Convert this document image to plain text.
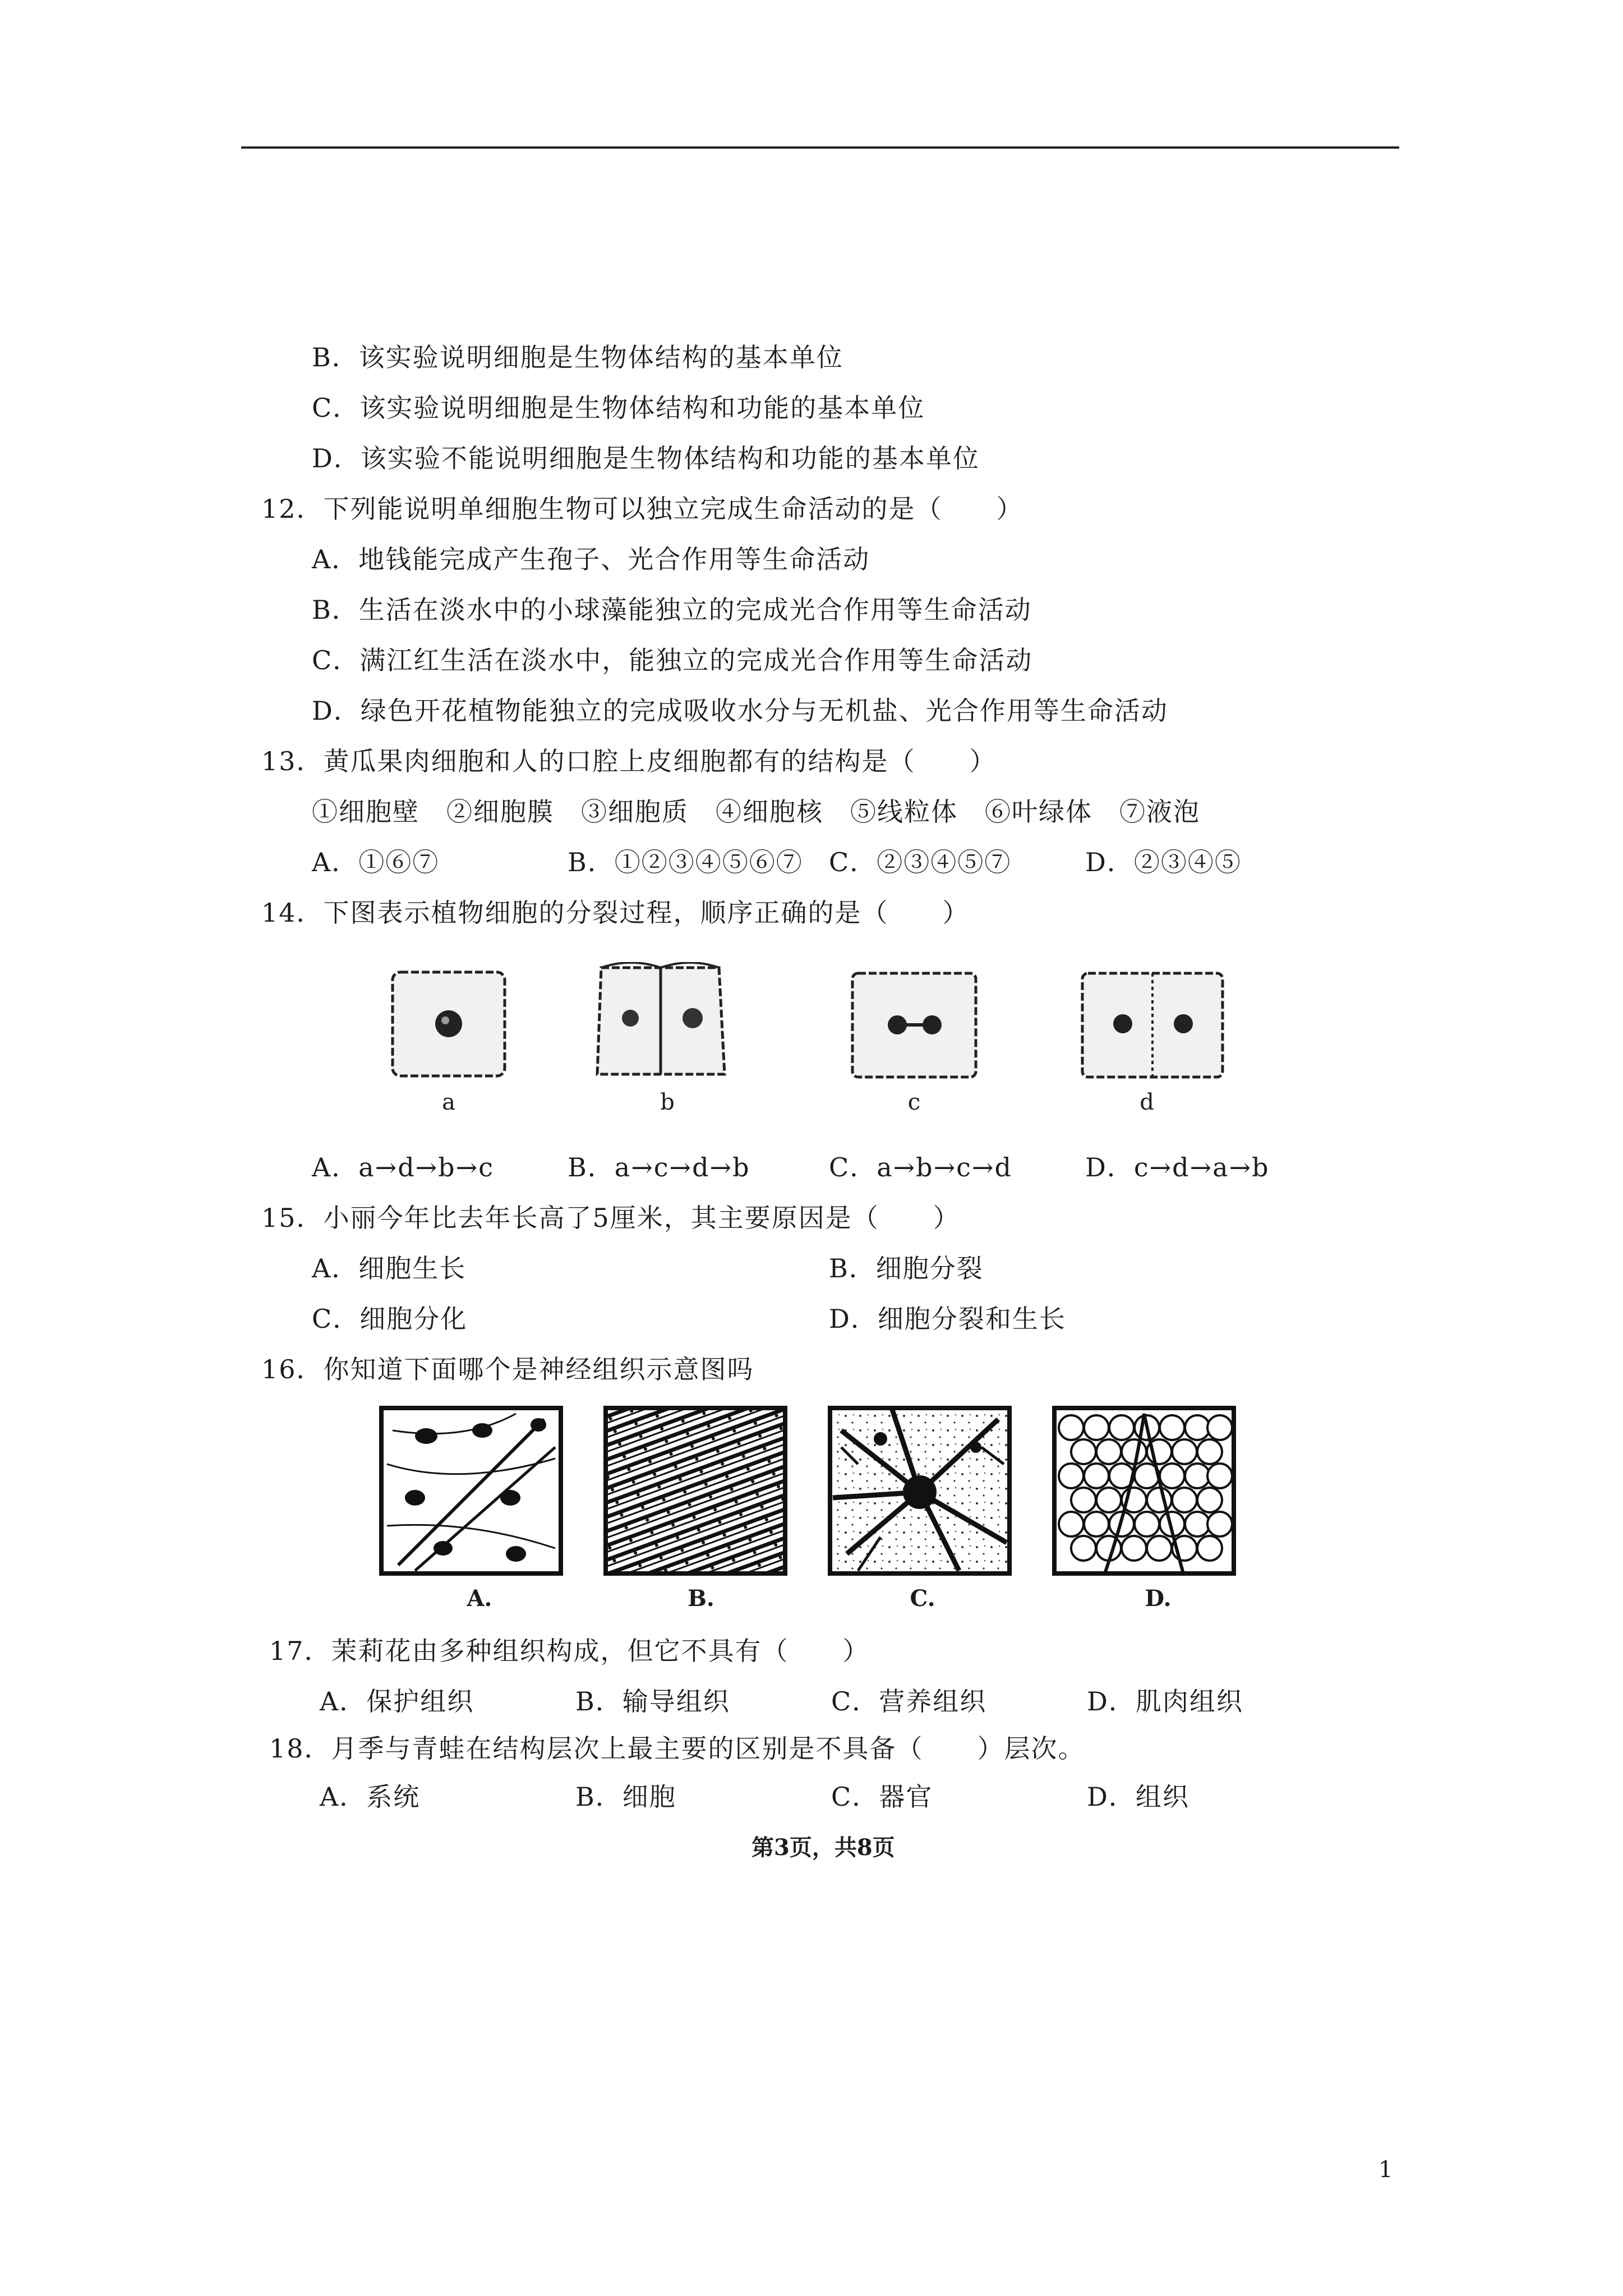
B．该实验说明细胞是生物体结构的基本单位
C．该实验说明细胞是生物体结构和功能的基本单位
D．该实验不能说明细胞是生物体结构和功能的基本单位
12．下列能说明单细胞生物可以独立完成生命活动的是（　　）
A．地钱能完成产生孢子、光合作用等生命活动
B．生活在淡水中的小球藻能独立的完成光合作用等生命活动
C．满江红生活在淡水中，能独立的完成光合作用等生命活动
D．绿色开花植物能独立的完成吸收水分与无机盐、光合作用等生命活动
13．黄瓜果肉细胞和人的口腔上皮细胞都有的结构是（　　）
①细胞壁　②细胞膜　③细胞质　④细胞核　⑤线粒体　⑥叶绿体　⑦液泡
A．①⑥⑦	B．①②③④⑤⑥⑦ C．②③④⑤⑦	D．②③④⑤
14．下图表示植物细胞的分裂过程，顺序正确的是（　　）
a	b	c	d
A．a→d→b→c	B．a→c→d→b	C．a→b→c→d	D．c→d→a→b
15．小丽今年比去年长高了5厘米，其主要原因是（　　）
A．细胞生长	B．细胞分裂
C．细胞分化	D．细胞分裂和生长
16．你知道下面哪个是神经组织示意图吗
A.	B.	C.	D.
17．茉莉花由多种组织构成，但它不具有（　　）
A．保护组织	B．输导组织	C．营养组织	D．肌肉组织
18．月季与青蛙在结构层次上最主要的区别是不具备（　　）层次。
A．系统	B．细胞	C．器官	D．组织
第3页，共8页
1
